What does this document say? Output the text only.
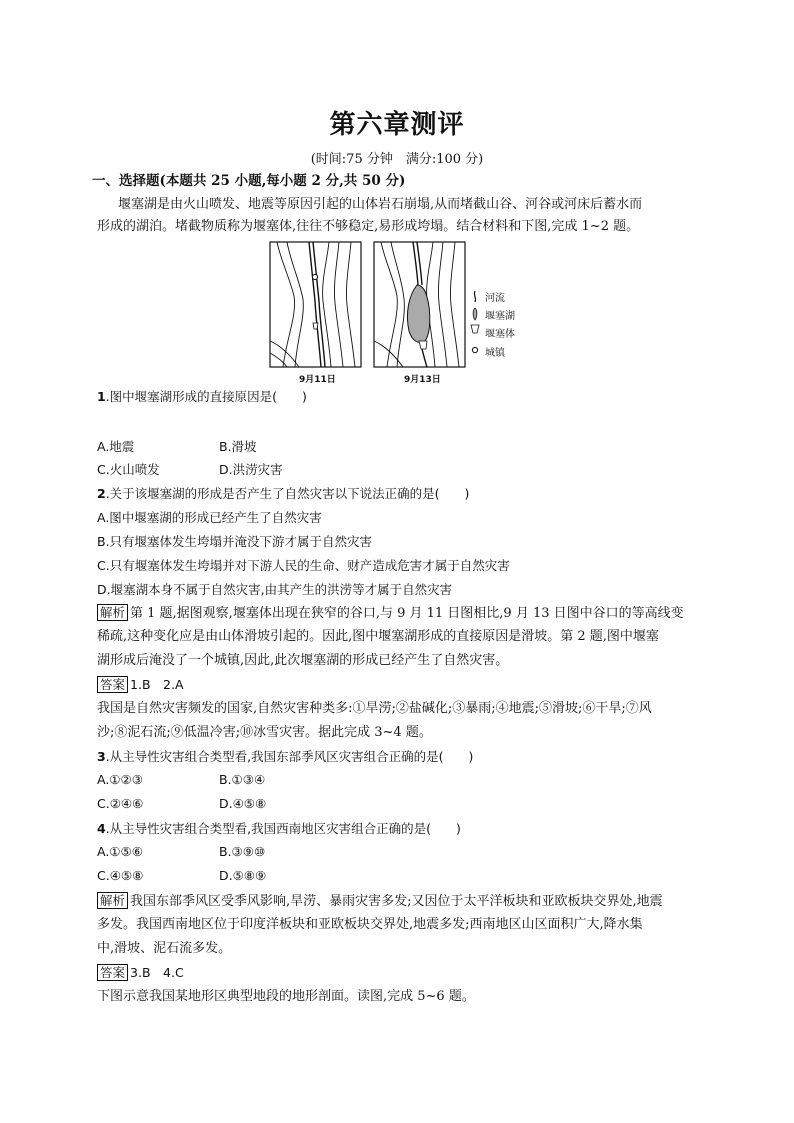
第六章测评
(时间:75 分钟　满分:100 分)
一、选择题(本题共 25 小题,每小题 2 分,共 50 分)
堰塞湖是由火山喷发、地震等原因引起的山体岩石崩塌,从而堵截山谷、河谷或河床后蓄水而
形成的湖泊。堵截物质称为堰塞体,往往不够稳定,易形成垮塌。结合材料和下图,完成 1~2 题。
9月11日	9月13日
河流
堰塞湖
堰塞体
城镇
1.图中堰塞湖形成的直接原因是(　　)
A.地震	B.滑坡
C.火山喷发	D.洪涝灾害
2.关于该堰塞湖的形成是否产生了自然灾害以下说法正确的是(　　)
A.图中堰塞湖的形成已经产生了自然灾害
B.只有堰塞体发生垮塌并淹没下游才属于自然灾害
C.只有堰塞体发生垮塌并对下游人民的生命、财产造成危害才属于自然灾害
D.堰塞湖本身不属于自然灾害,由其产生的洪涝等才属于自然灾害
解析 第 1 题,据图观察,堰塞体出现在狭窄的谷口,与 9 月 11 日图相比,9 月 13 日图中谷口的等高线变
稀疏,这种变化应是由山体滑坡引起的。因此,图中堰塞湖形成的直接原因是滑坡。第 2 题,图中堰塞
湖形成后淹没了一个城镇,因此,此次堰塞湖的形成已经产生了自然灾害。
答案 1.B　2.A
我国是自然灾害频发的国家,自然灾害种类多:①旱涝;②盐碱化;③暴雨;④地震;⑤滑坡;⑥干旱;⑦风
沙;⑧泥石流;⑨低温冷害;⑩冰雪灾害。据此完成 3~4 题。
3.从主导性灾害组合类型看,我国东部季风区灾害组合正确的是(　　)
A.①②③	B.①③④
C.②④⑥	D.④⑤⑧
4.从主导性灾害组合类型看,我国西南地区灾害组合正确的是(　　)
A.①⑤⑥	B.③⑨⑩
C.④⑤⑧	D.⑤⑧⑨
解析 我国东部季风区受季风影响,旱涝、暴雨灾害多发;又因位于太平洋板块和亚欧板块交界处,地震
多发。我国西南地区位于印度洋板块和亚欧板块交界处,地震多发;西南地区山区面积广大,降水集
中,滑坡、泥石流多发。
答案 3.B　4.C
下图示意我国某地形区典型地段的地形剖面。读图,完成 5~6 题。
